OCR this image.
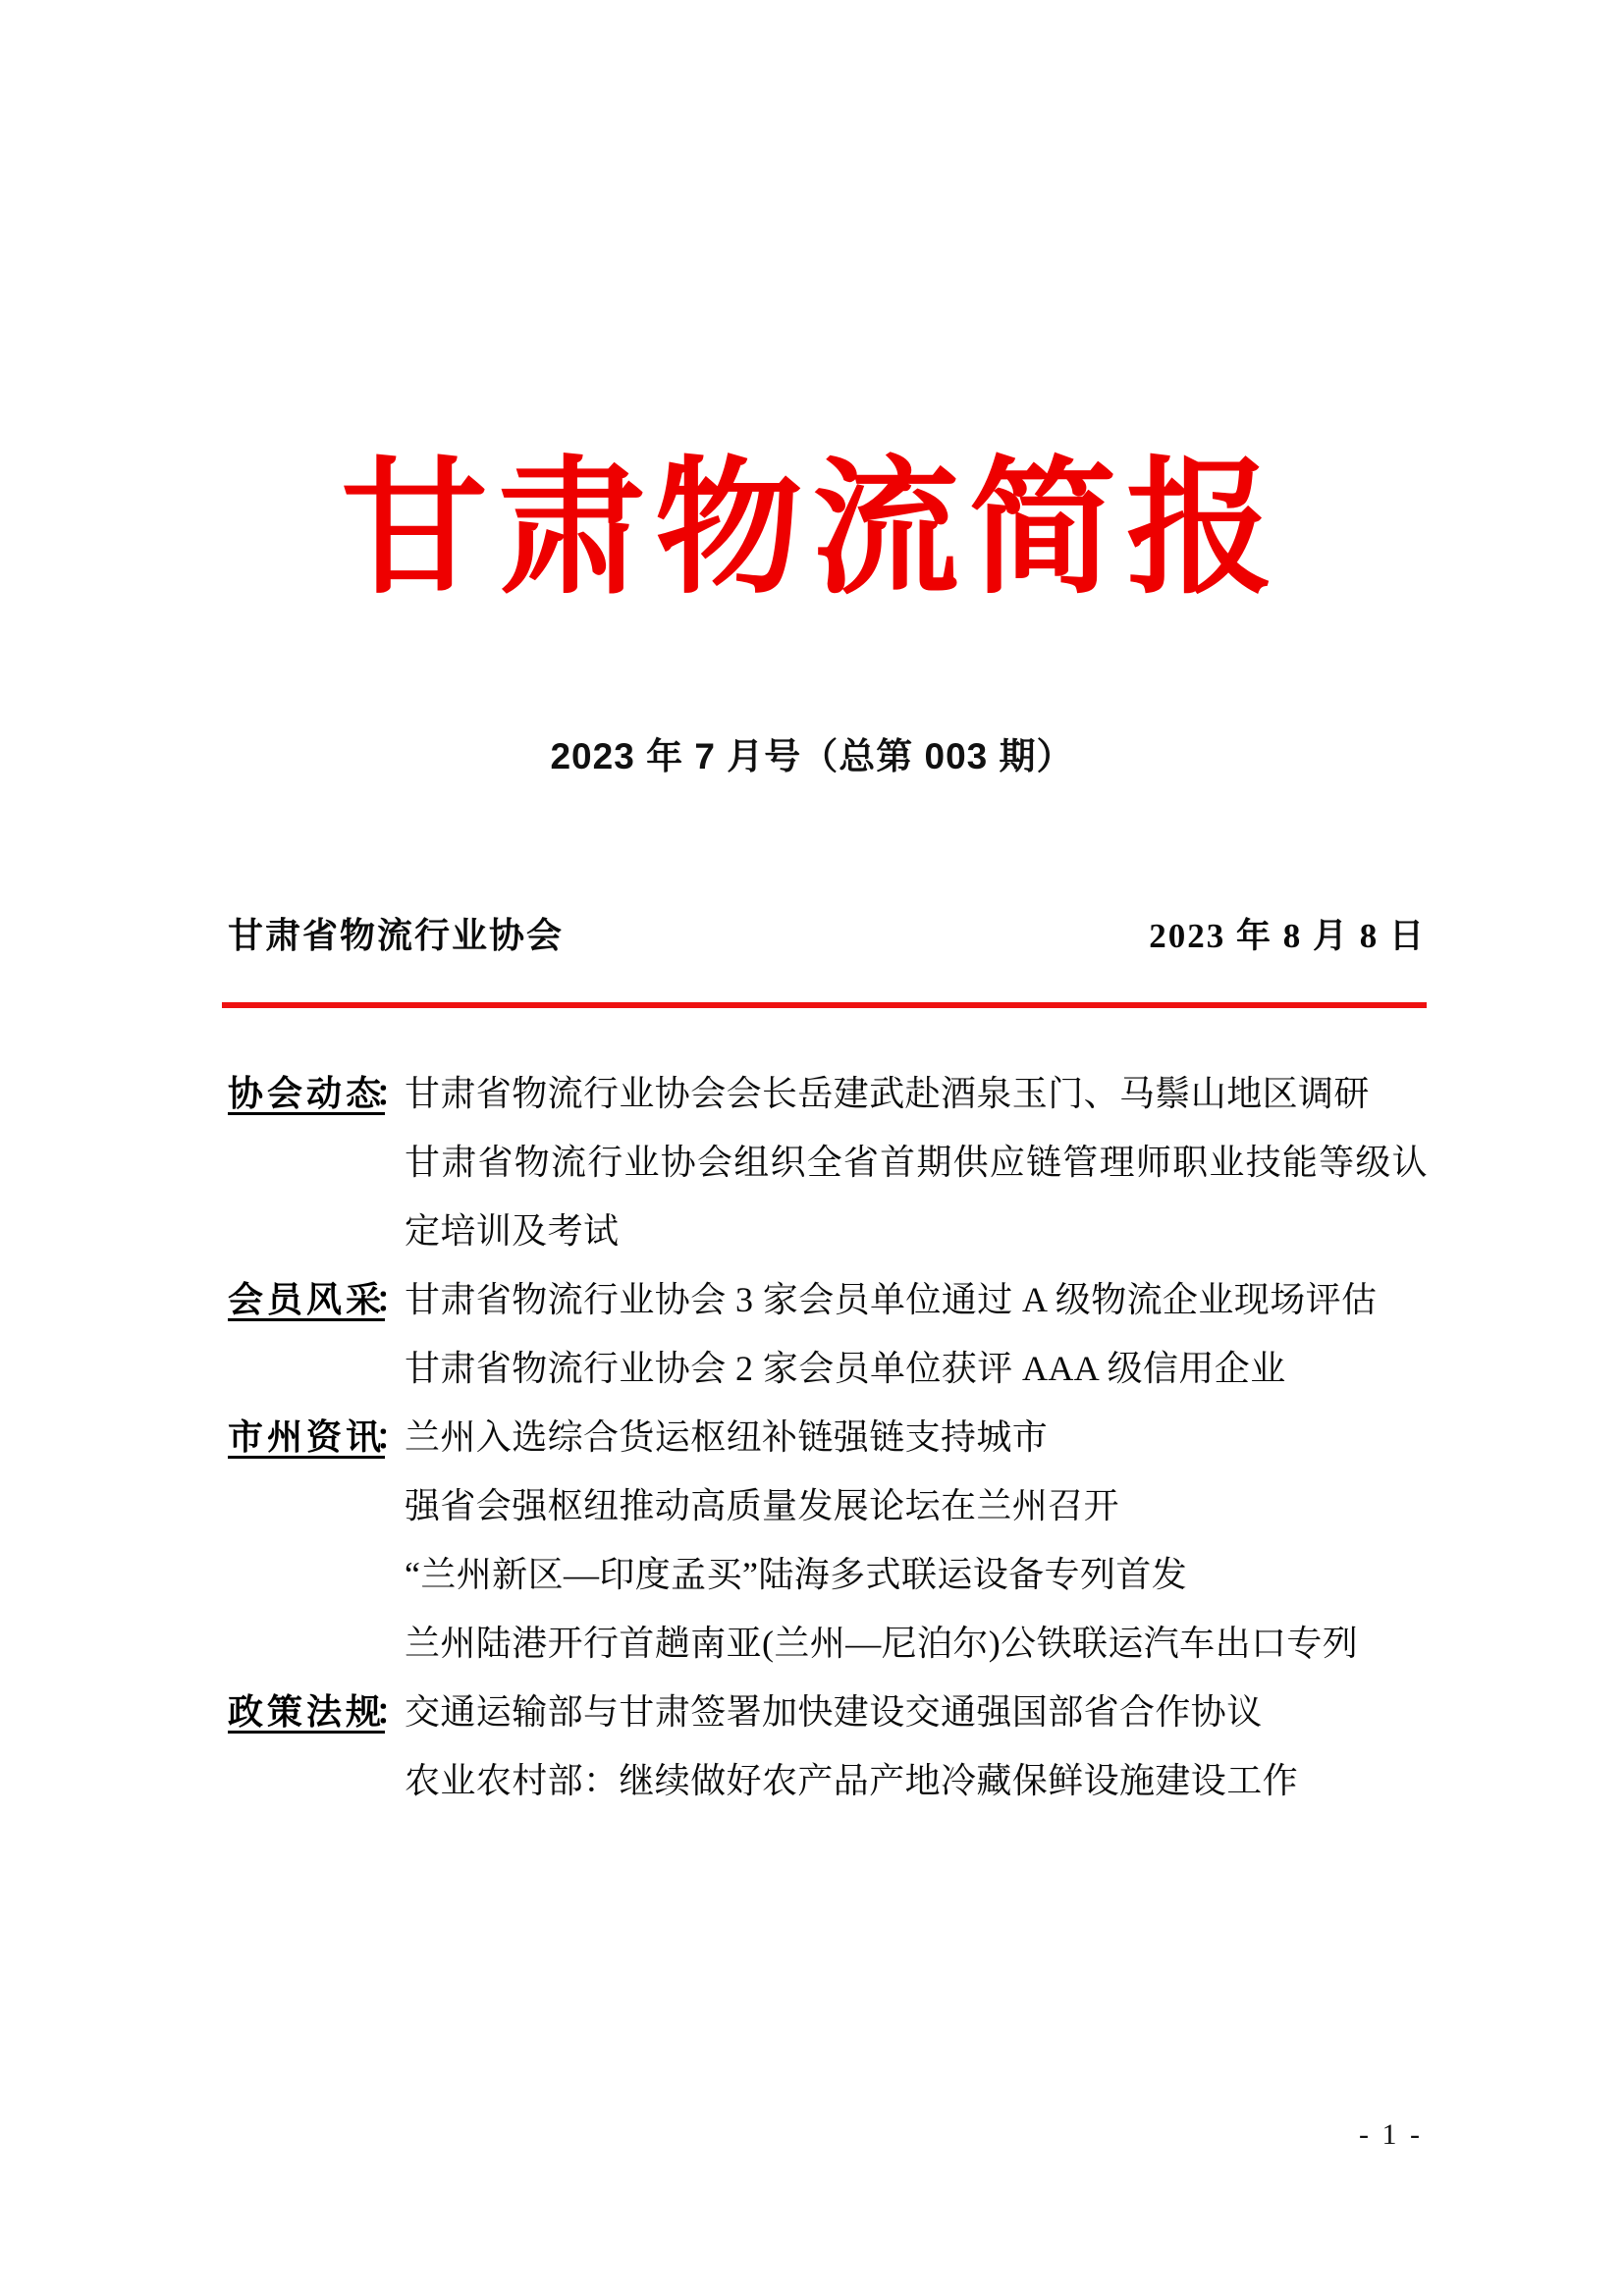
甘肃物流简报
2023 年 7 月号（总第 003 期）
甘肃省物流行业协会	2023 年 8 月 8 日
协会动态
：
甘肃省物流行业协会会长岳建武赴酒泉玉门、马鬃山地区调研
甘肃省物流行业协会组织全省首期供应链管理师职业技能等级认定培训及考试
会员风采
：
甘肃省物流行业协会 3 家会员单位通过 A 级物流企业现场评估
甘肃省物流行业协会 2 家会员单位获评 AAA 级信用企业
市州资讯
：
兰州入选综合货运枢纽补链强链支持城市
强省会强枢纽推动高质量发展论坛在兰州召开
“兰州新区—印度孟买”陆海多式联运设备专列首发
兰州陆港开行首趟南亚(兰州—尼泊尔)公铁联运汽车出口专列
政策法规
：
交通运输部与甘肃签署加快建设交通强国部省合作协议
农业农村部：继续做好农产品产地冷藏保鲜设施建设工作
- 1 -
